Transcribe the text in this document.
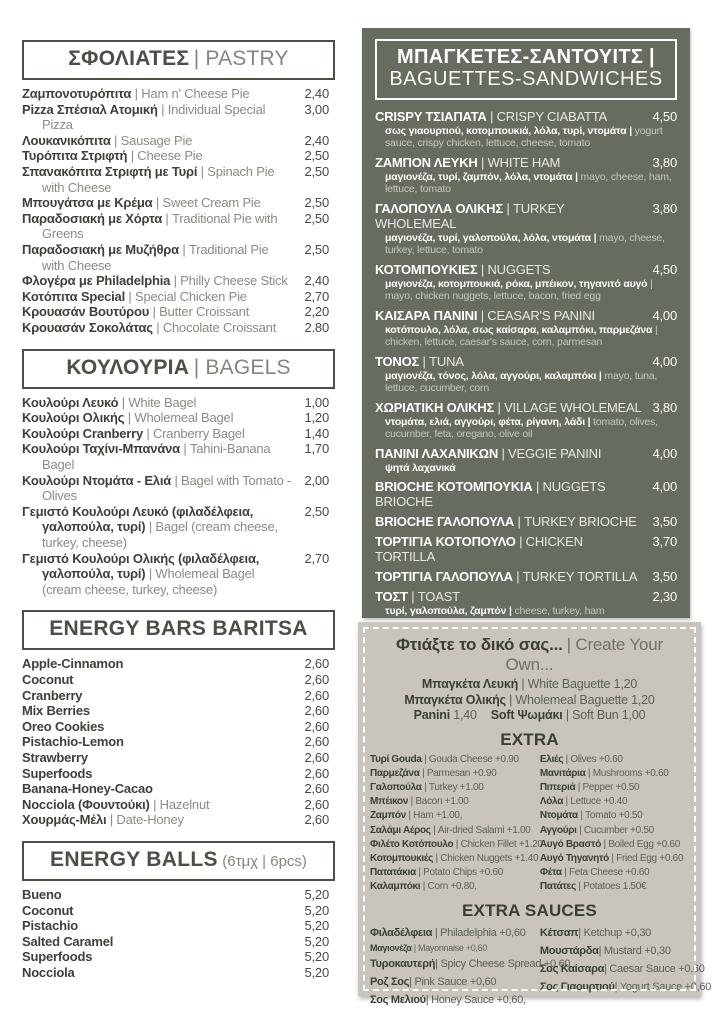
ΣΦΟΛΙΑΤΕΣ | PASTRY
Ζαμπονοτυρόπιτα | Ham n' Cheese Pie	2,40
Pizza Σπέσιαλ Ατομική | Individual Special Pizza
3,00
Λουκανικόπιτα | Sausage Pie	2,40
Τυρόπιτα Στριφτή | Cheese Pie	2,50
Σπανακόπιτα Στριφτή με Τυρί | Spinach Pie with Cheese
2,50
Μπουγάτσα με Κρέμα | Sweet Cream Pie	2,50
Παραδοσιακή με Χόρτα | Traditional Pie with Greens
2,50
Παραδοσιακή με Μυζήθρα | Traditional Pie with Cheese
2,50
Φλογέρα με Philadelphia | Philly Cheese Stick	2,40
Κοτόπιτα Special | Special Chicken Pie	2,70
Κρουασάν Βουτύρου | Butter Croissant	2,20
Κρουασάν Σοκολάτας | Chocolate Croissant	2.80
ΚΟΥΛΟΥΡΙΑ | BAGELS
Κουλούρι Λευκό | White Bagel	1,00
Κουλούρι Ολικής | Wholemeal Bagel	1,20
Κουλούρι Cranberry | Cranberry Bagel	1,40
Κουλούρι Ταχίνι-Μπανάνα | Tahini-Banana Bagel
1,70
Κουλούρι Ντομάτα - Ελιά | Bagel with Tomato - Olives
2,00
Γεμιστό Κουλούρι Λευκό (φιλαδέλφεια, γαλοπούλα, τυρί) | Bagel (cream cheese, turkey, cheese)
2,50
Γεμιστό Κουλούρι Ολικής (φιλαδέλφεια, γαλοπούλα, τυρί) | Wholemeal Bagel (cream cheese, turkey, cheese)
2,70
ENERGY BARS BARITSA
Apple-Cinnamon	2,60
Coconut	2,60
Cranberry	2,60
Mix Berries	2,60
Oreo Cookies	2,60
Pistachio-Lemon	2,60
Strawberry	2,60
Superfoods	2,60
Banana-Honey-Cacao	2,60
Nocciola (Φουντούκι) | Hazelnut	2,60
Χουρμάς-Μέλι | Date-Honey	2,60
ENERGY BALLS (6τμχ | 6pcs)
Bueno	5,20
Coconut	5,20
Pistachio	5,20
Salted Caramel	5,20
Superfoods	5,20
Nocciola	5,20
ΜΠΑΓΚΕΤΕΣ-ΣΑΝΤΟΥΙΤΣ |
BAGUETTES-SANDWICHES
CRISPY ΤΣΙΑΠΑΤΑ | CRISPY CIABATTA	4,50
σως γιαουρτιού, κοτομπουκιά, λόλα, τυρί, ντομάτα | yogurt sauce, crispy chicken, lettuce, cheese, tomato
ΖΑΜΠΟΝ ΛΕΥΚΗ | WHITE HAM	3,80
μαγιονέζα, τυρί, ζαμπόν, λόλα, ντομάτα | mayo, cheese, ham, lettuce, tomato
ΓΑΛΟΠΟΥΛΑ ΟΛΙΚΗΣ | TURKEY WHOLEMEAL
3,80
μαγιονέζα, τυρί, γαλοπούλα, λόλα, ντομάτα | mayo, cheese, turkey, lettuce, tomato
ΚΟΤΟΜΠΟΥΚΙΕΣ | NUGGETS	4,50
μαγιονέζα, κοτομπουκιά, ρόκα, μπέικον, τηγανιτό αυγό | mayo, chicken nuggets, lettuce, bacon, fried egg
ΚΑΙΣΑΡΑ ΠΑΝΙΝΙ | CEASAR'S PANINI	4,00
κοτόπουλο, λόλα, σως καίσαρα, καλαμπόκι, παρμεζάνα | chicken, lettuce, caesar's sauce, corn, parmesan
ΤΟΝΟΣ | TUNA	4,00
μαγιονέζα, τόνος, λόλα, αγγούρι, καλαμπόκι | mayo, tuna, lettuce, cucumber, corn
ΧΩΡΙΑΤΙΚΗ ΟΛΙΚΗΣ | VILLAGE WHOLEMEAL 3,80
ντομάτα, ελιά, αγγούρι, φέτα, ρίγανη, λάδι | tomato, olives, cucumber, feta, oregano, olive oil
ΠΑΝΙΝΙ ΛΑΧΑΝΙΚΩΝ | VEGGIE PANINI	4,00
ψητά λαχανικά
BRIOCHE ΚΟΤΟΜΠΟΥΚΙΑ | NUGGETS BRIOCHE
4,00
BRIOCHE ΓΑΛΟΠΟΥΛΑ | TURKEY BRIOCHE	3,50
ΤΟΡΤΙΓΙΑ ΚΟΤΟΠΟΥΛΟ | CHICKEN TORTILLA
3,70
ΤΟΡΤΙΓΙΑ ΓΑΛΟΠΟΥΛΑ | TURKEY TORTILLA	3,50
ΤΟΣΤ | TOAST	2,30
τυρί, γαλοπούλα, ζαμπόν | cheese, turkey, ham
Φτιάξτε το δικό σας... | Create Your Own...
Μπαγκέτα Λευκή | White Baguette 1,20
Μπαγκέτα Ολικής | Wholemeal Baguette 1,20
Panini 1,40 Soft Ψωμάκι | Soft Bun 1,00
EXTRA
Τυρί Gouda | Gouda Cheese +0.90
Παρμεζάνα | Parmesan +0.90
Γαλοπούλα | Turkey +1.00
Μπέικον | Bacon +1.00
Ζαμπόν | Ham +1.00,
Σαλάμι Αέρος | Air-dried Salami +1.00
Φιλέτο Κοτόπουλο | Chicken Fillet +1.20
Κοτομπουκιές | Chicken Nuggets +1.40
Πατατάκια | Potato Chips +0.60
Καλαμπόκι | Corn +0.80,
Ελιές | Olives +0.60
Μανιτάρια | Mushrooms +0.60
Πιπεριά | Pepper +0.50
Λόλα | Lettuce +0.40
Ντομάτα | Tomato +0.50
Αγγούρι | Cucumber +0.50
Αυγό Βραστό | Boiled Egg +0.60
Αυγό Τηγανητό | Fried Egg +0.60
Φέτα | Feta Cheese +0.60
Πατάτες | Potatoes 1.50€
EXTRA SAUCES
Φιλαδέλφεια | Philadelphia +0,60
Μαγιονέζα | Mayonnaise +0,60
Τυροκαυτερή| Spicy Cheese Spread +0,60
Ροζ Σος| Pink Sauce +0,60
Σος Μελιού| Honey Sauce +0,60,
Κέτσαπ| Ketchup +0,30
Μουστάρδα| Mustard +0,30
Σος Καίσαρα| Caesar Sauce +0,60
Σος Γιαουρτιού| Yogurt Sauce +0,60
